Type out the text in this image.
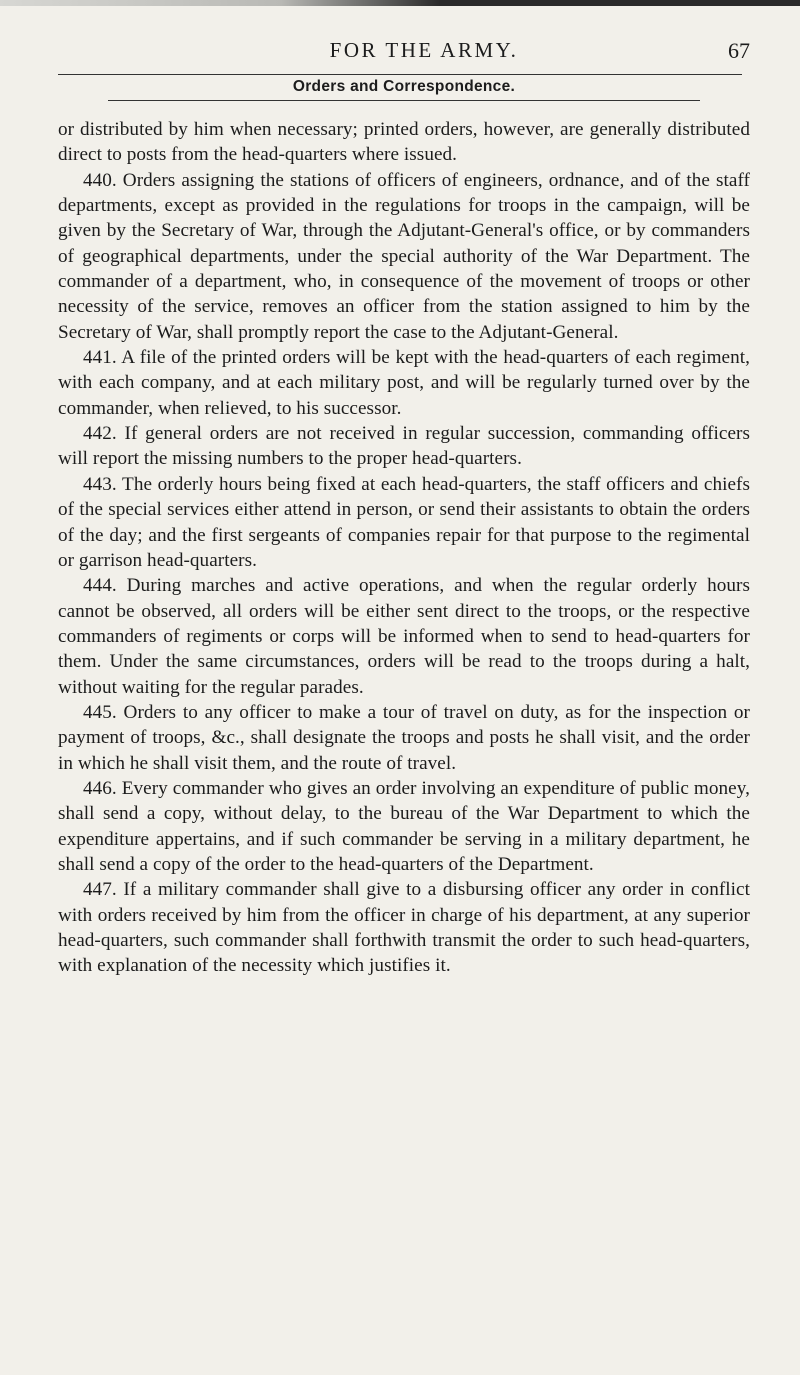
FOR THE ARMY.	67
Orders and Correspondence.

or distributed by him when necessary; printed orders, however, are generally distributed direct to posts from the head-quarters where issued.

440. Orders assigning the stations of officers of engineers, ordnance, and of the staff departments, except as provided in the regulations for troops in the campaign, will be given by the Secretary of War, through the Adjutant-General's office, or by commanders of geographical departments, under the special authority of the War Department. The commander of a department, who, in consequence of the movement of troops or other necessity of the service, removes an officer from the station assigned to him by the Secretary of War, shall promptly report the case to the Adjutant-General.

441. A file of the printed orders will be kept with the head-quarters of each regiment, with each company, and at each military post, and will be regularly turned over by the commander, when relieved, to his successor.

442. If general orders are not received in regular succession, commanding officers will report the missing numbers to the proper head-quarters.

443. The orderly hours being fixed at each head-quarters, the staff officers and chiefs of the special services either attend in person, or send their assistants to obtain the orders of the day; and the first sergeants of companies repair for that purpose to the regimental or garrison head-quarters.

444. During marches and active operations, and when the regular orderly hours cannot be observed, all orders will be either sent direct to the troops, or the respective commanders of regiments or corps will be informed when to send to head-quarters for them. Under the same circumstances, orders will be read to the troops during a halt, without waiting for the regular parades.

445. Orders to any officer to make a tour of travel on duty, as for the inspection or payment of troops, &c., shall designate the troops and posts he shall visit, and the order in which he shall visit them, and the route of travel.

446. Every commander who gives an order involving an expenditure of public money, shall send a copy, without delay, to the bureau of the War Department to which the expenditure appertains, and if such commander be serving in a military department, he shall send a copy of the order to the head-quarters of the Department.

447. If a military commander shall give to a disbursing officer any order in conflict with orders received by him from the officer in charge of his department, at any superior head-quarters, such commander shall forthwith transmit the order to such head-quarters, with explanation of the necessity which justifies it.
